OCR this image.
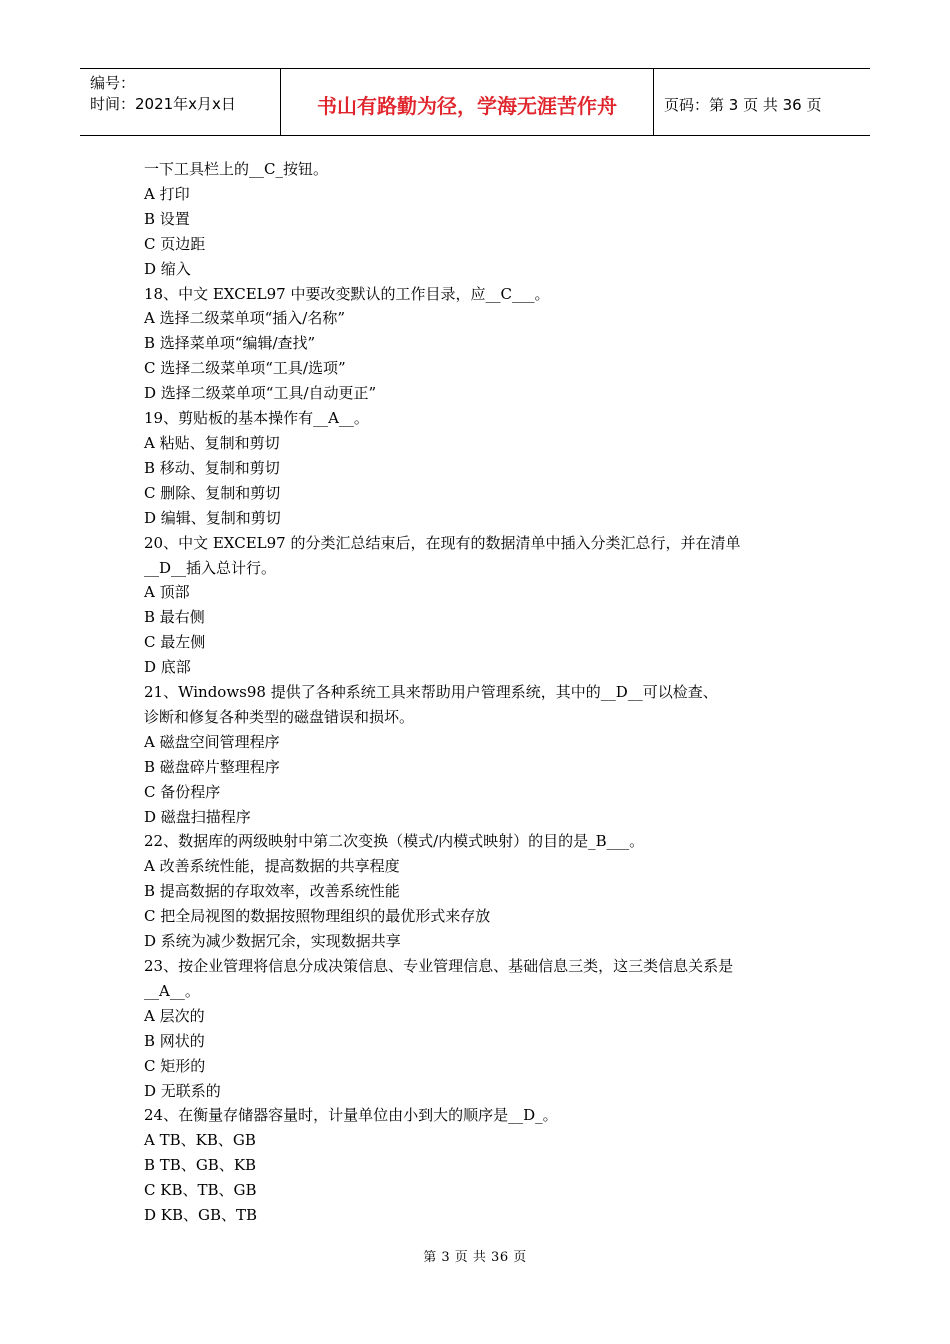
编号：
时间：2021年x月x日	书山有路勤为径，学海无涯苦作舟	页码：第 3 页 共 36 页
一下工具栏上的__C_按钮。
A 打印
B 设置
C 页边距
D 缩入
18、中文 EXCEL97 中要改变默认的工作目录，应__C___。
A 选择二级菜单项“插入/名称”
B 选择菜单项“编辑/查找”
C 选择二级菜单项“工具/选项”
D 选择二级菜单项“工具/自动更正”
19、剪贴板的基本操作有__A__。
A 粘贴、复制和剪切
B 移动、复制和剪切
C 删除、复制和剪切
D 编辑、复制和剪切
20、中文 EXCEL97 的分类汇总结束后，在现有的数据清单中插入分类汇总行，并在清单
__D__插入总计行。
A 顶部
B 最右侧
C 最左侧
D 底部
21、Windows98 提供了各种系统工具来帮助用户管理系统，其中的__D__可以检查、
诊断和修复各种类型的磁盘错误和损坏。
A 磁盘空间管理程序
B 磁盘碎片整理程序
C 备份程序
D 磁盘扫描程序
22、数据库的两级映射中第二次变换（模式/内模式映射）的目的是_B___。
A 改善系统性能，提高数据的共享程度
B 提高数据的存取效率，改善系统性能
C 把全局视图的数据按照物理组织的最优形式来存放
D 系统为减少数据冗余，实现数据共享
23、按企业管理将信息分成决策信息、专业管理信息、基础信息三类，这三类信息关系是
__A__。
A 层次的
B 网状的
C 矩形的
D 无联系的
24、在衡量存储器容量时，计量单位由小到大的顺序是__D_。
A TB、KB、GB
B TB、GB、KB
C KB、TB、GB
D KB、GB、TB
第 3 页 共 36 页
